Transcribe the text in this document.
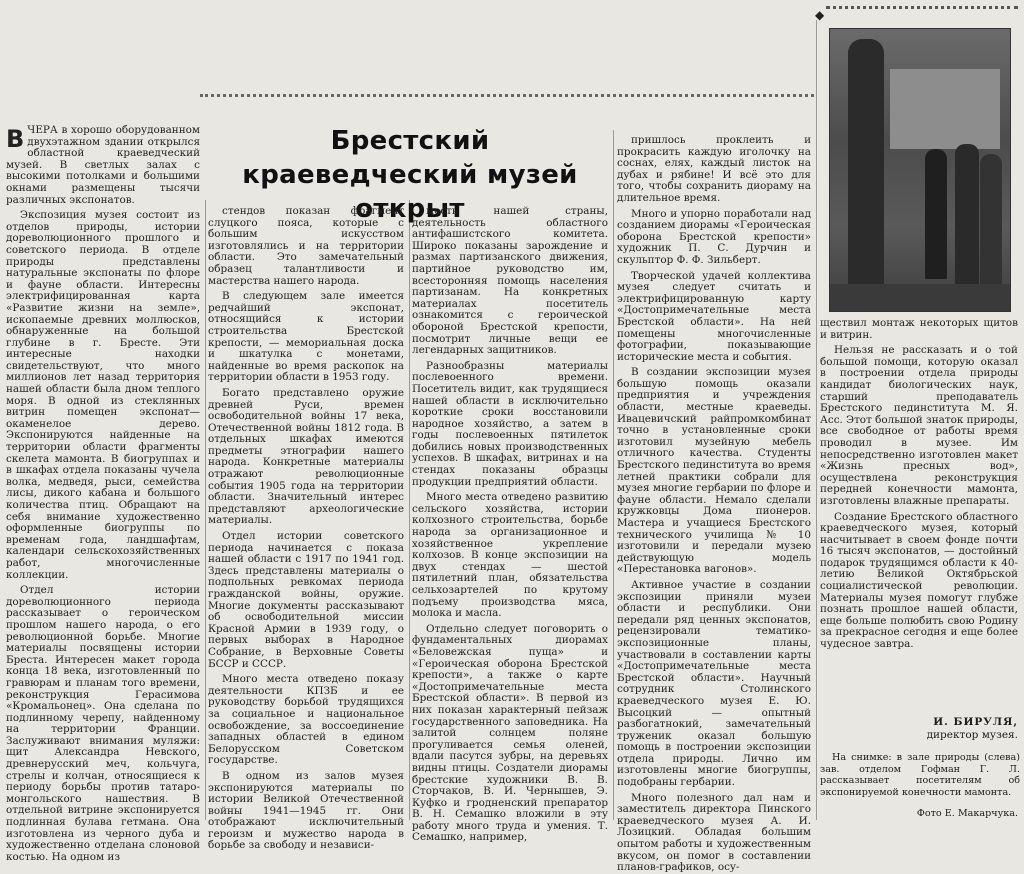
◆
Брестский краеведческий музей открыт

ВЧЕРА в хорошо оборудованном двухэтажном здании открылся областной краеведческий музей. В светлых залах с высокими потолками и большими окнами размещены тысячи различных экспонатов.

Экспозиция музея состоит из отделов природы, истории дореволюционного прошлого и советского периода. В отделе природы представлены натуральные экспонаты по флоре и фауне области. Интересны электрифицированная карта «Развитие жизни на земле», ископаемые древних моллюсков, обнаруженные на большой глубине в г. Бресте. Эти интересные находки свидетельствуют, что много миллионов лет назад территория нашей области была дном теплого моря. В одной из стеклянных витрин помещен экспонат—окаменелое дерево. Экспонируются найденные на территории области фрагменты скелета мамонта. В биогруппах и в шкафах отдела показаны чучела волка, медведя, рыси, семейства лисы, дикого кабана и большого количества птиц. Обращают на себя внимание художественно оформленные биогруппы по временам года, ландшафтам, календари сельскохозяйственных работ, многочисленные коллекции.

Отдел истории дореволюционного периода рассказывает о героическом прошлом нашего народа, о его революционной борьбе. Многие материалы посвящены истории Бреста. Интересен макет города конца 18 века, изготовленный по гравюрам и планам того времени, реконструкция Герасимова «Кромальонец». Она сделана по подлинному черепу, найденному на территории Франции. Заслуживают внимания муляжи: щит Александра Невского, древнерусский меч, кольчуга, стрелы и колчан, относящиеся к периоду борьбы против татаро-монгольского нашествия. В отдельной витрине экспонируется подлинная булава гетмана. Она изготовлена из черного дуба и художественно отделана слоновой костью. На одном из

стендов показан фрагмент слуцкого пояса, которые с большим искусством изготовлялись и на территории области. Это замечательный образец талантливости и мастерства нашего народа.

В следующем зале имеется редчайший экспонат, относящийся к истории строительства Брестской крепости, — мемориальная доска и шкатулка с монетами, найденные во время раскопок на территории области в 1953 году.

Богато представлено оружие древней Руси, времен освободительной войны 17 века, Отечественной войны 1812 года. В отдельных шкафах имеются предметы этнографии нашего народа. Конкретные материалы отражают революционные события 1905 года на территории области. Значительный интерес представляют археологические материалы.

Отдел истории советского периода начинается с показа нашей области с 1917 по 1941 год. Здесь представлены материалы о подпольных ревкомах периода гражданской войны, оружие. Многие документы рассказывают об освободительной миссии Красной Армии в 1939 году, о первых выборах в Народное Собрание, в Верховные Советы БССР и СССР.

Много места отведено показу деятельности КПЗБ и ее руководству борьбой трудящихся за социальное и национальное освобождение, за воссоединение западных областей в едином Белорусском Советском государстве.

В одном из залов музея экспонируются материалы по истории Великой Отечественной войны 1941—1945 гг. Они отображают исключительный героизм и мужество народа в борьбе за свободу и независи-

мость нашей страны, деятельность областного антифашистского комитета. Широко показаны зарождение и размах партизанского движения, партийное руководство им, всесторонняя помощь населения партизанам. На конкретных материалах посетитель ознакомится с героической обороной Брестской крепости, посмотрит личные вещи ее легендарных защитников.

Разнообразны материалы послевоенного времени. Посетитель видит, как трудящиеся нашей области в исключительно короткие сроки восстановили народное хозяйство, а затем в годы послевоенных пятилеток добились новых производственных успехов. В шкафах, витринах и на стендах показаны образцы продукции предприятий области.

Много места отведено развитию сельского хозяйства, истории колхозного строительства, борьбе народа за организационное и хозяйственное укрепление колхозов. В конце экспозиции на двух стендах — шестой пятилетний план, обязательства сельхозартелей по крутому подъему производства мяса, молока и масла.

Отдельно следует поговорить о фундаментальных диорамах «Беловежская пуща» и «Героическая оборона Брестской крепости», а также о карте «Достопримечательные места Брестской области». В первой из них показан характерный пейзаж государственного заповедника. На залитой солнцем поляне прогуливается семья оленей, вдали пасутся зубры, на деревьях видны птицы. Создатели диорамы брестские художники В. В. Сторчаков, В. И. Чернышев, Э. Куфко и гродненский препаратор В. Н. Семашко вложили в эту работу много труда и умения. Т. Семашко, например,

пришлось проклеить и прокрасить каждую иголочку на соснах, елях, каждый листок на дубах и рябине! И всё это для того, чтобы сохранить диораму на длительное время.

Много и упорно поработали над созданием диорамы «Героическая оборона Брестской крепости» художник П. С. Дурчин и скульптор Ф. Ф. Зильберт.

Творческой удачей коллектива музея следует считать и электрифицированную карту «Достопримечательные места Брестской области». На ней помещены многочисленные фотографии, показывающие исторические места и события.

В создании экспозиции музея большую помощь оказали предприятия и учреждения области, местные краеведы. Ивацевичский райпромкомбинат точно в установленные сроки изготовил музейную мебель отличного качества. Студенты Брестского пединститута во время летней практики собрали для музея многие гербарии по флоре и фауне области. Немало сделали кружковцы Дома пионеров. Мастера и учащиеся Брестского технического училища № 10 изготовили и передали музею действующую модель «Перестановка вагонов».

Активное участие в создании экспозиции приняли музеи области и республики. Они передали ряд ценных экспонатов, рецензировали тематико-экспозиционные планы, участвовали в составлении карты «Достопримечательные места Брестской области». Научный сотрудник Столинского краеведческого музея Е. Ю. Высоцкий — опытный разбогатнокий, замечательный труженик оказал большую помощь в построении экспозиции отдела природы. Лично им изготовлены многие биогруппы, подобраны гербарии.

Много полезного дал нам и заместитель директора Пинского краеведческого музея А. И. Лозицкий. Обладая большим опытом работы и художественным вкусом, он помог в составлении планов-графиков, осу-

ществил монтаж некоторых щитов и витрин.

Нельзя не рассказать и о той большой помощи, которую оказал в построении отдела природы кандидат биологических наук, старший преподаватель Брестского пединститута М. Я. Асс. Этот большой знаток природы, все свободное от работы время проводил в музее. Им непосредственно изготовлен макет «Жизнь пресных вод», осуществлена реконструкция передней конечности мамонта, изготовлены влажные препараты.

Создание Брестского областного краеведческого музея, который насчитывает в своем фонде почти 16 тысяч экспонатов, — достойный подарок трудящимся области к 40-летию Великой Октябрьской социалистической революции. Материалы музея помогут глубже познать прошлое нашей области, еще больше полюбить свою Родину за прекрасное сегодня и еще более чудесное завтра.

И. БИРУЛЯ,
директор музея.

На снимке: в зале природы (слева) зав. отделом Гофман Г. Л. рассказывает посетителям об экспонируемой конечности мамонта.

Фото Е. Макарчука.
